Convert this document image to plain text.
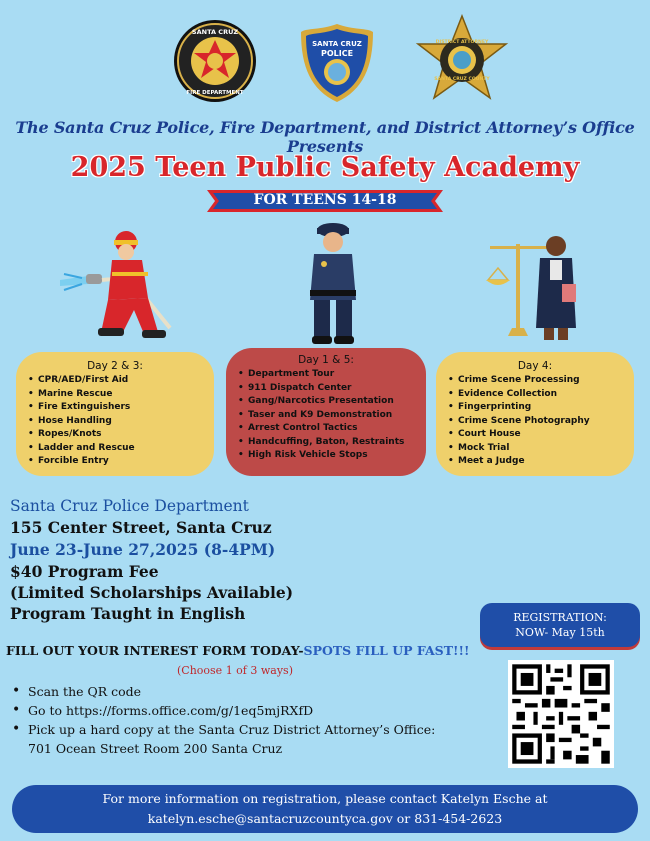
SANTA CRUZ
FIRE DEPARTMENT
SANTA CRUZ
POLICE
DISTRICT ATTORNEY
SANTA CRUZ COUNTY
The Santa Cruz Police, Fire Department, and District Attorney’s Office Presents
2025 Teen Public Safety Academy
FOR TEENS 14-18
Day 2 & 3:
• CPR/AED/First Aid
• Marine Rescue
• Fire Extinguishers
• Hose Handling
• Ropes/Knots
• Ladder and Rescue
• Forcible Entry
Day 1 & 5:
• Department Tour
• 911 Dispatch Center
• Gang/Narcotics Presentation
• Taser and K9 Demonstration
• Arrest Control Tactics
• Handcuffing, Baton, Restraints
• High Risk Vehicle Stops
Day 4:
• Crime Scene Processing
• Evidence Collection
• Fingerprinting
• Crime Scene Photography
• Court House
• Mock Trial
• Meet a Judge
Santa Cruz Police Department
155 Center Street, Santa Cruz
June 23-June 27,2025 (8-4PM)
$40 Program Fee
(Limited Scholarships Available)
Program Taught in English	REGISTRATION:
NOW- May 15th
FILL OUT YOUR INTEREST FORM TODAY-SPOTS FILL UP FAST!!!
(Choose 1 of 3 ways)
• Scan the QR code
• Go to https://forms.office.com/g/1eq5mjRXfD
• Pick up a hard copy at the Santa Cruz District Attorney’s Office:
701 Ocean Street Room 200 Santa Cruz
For more information on registration, please contact Katelyn Esche at
katelyn.esche@santacruzcountyca.gov or 831-454-2623
